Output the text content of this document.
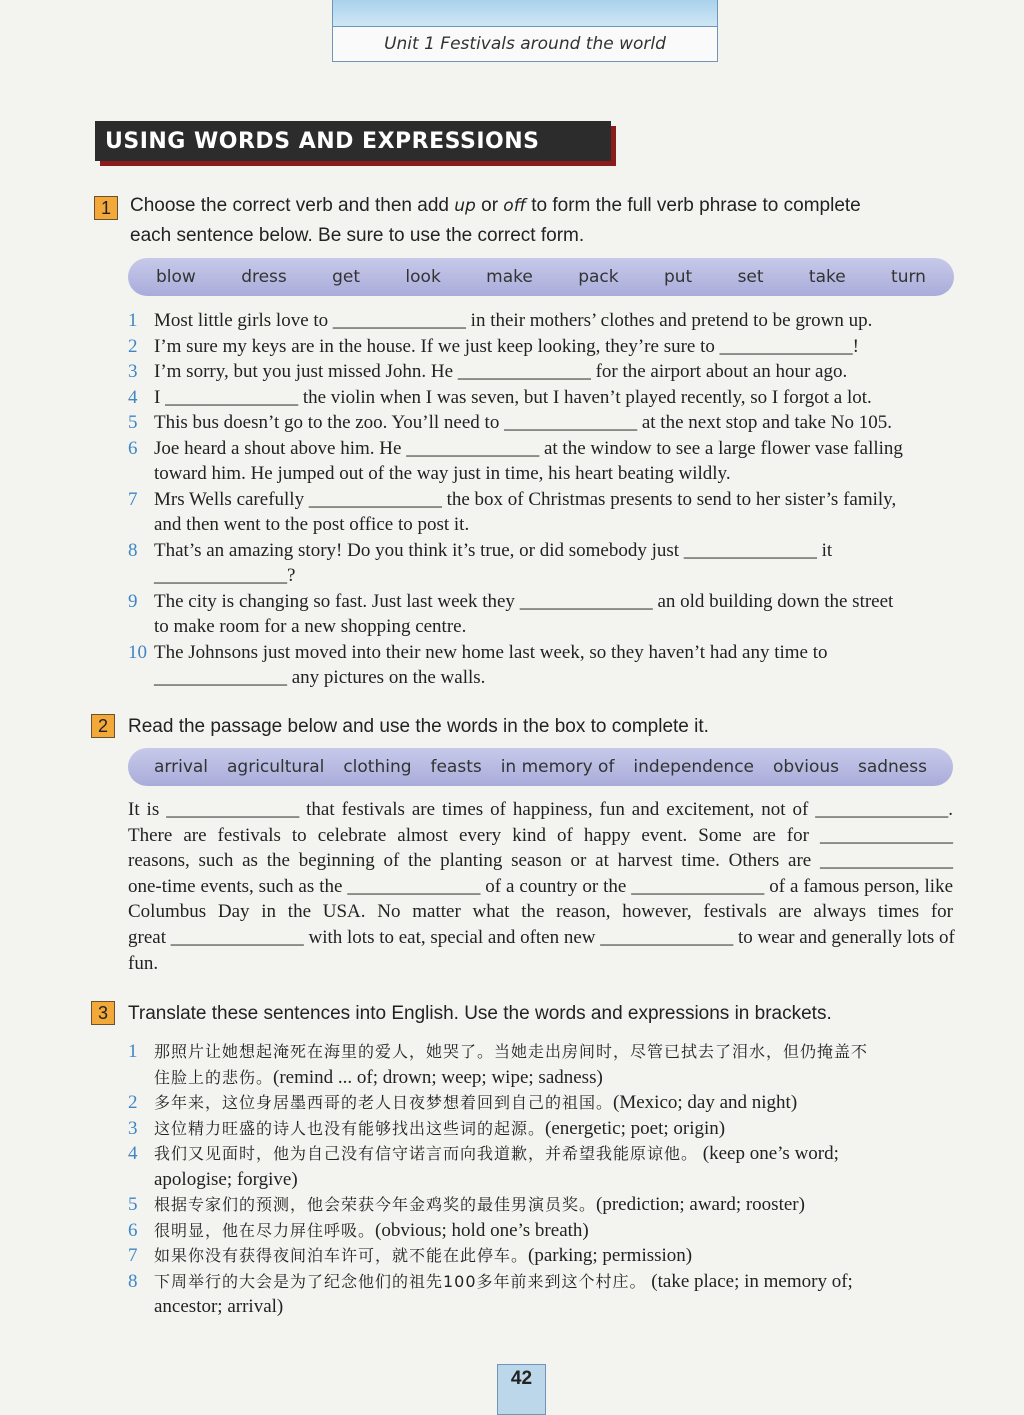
Unit 1 Festivals around the world
USING WORDS AND EXPRESSIONS
1	Choose the correct verb and then add up or off to form the full verb phrase to complete
each sentence below. Be sure to use the correct form.
blow	dress	get	look	make	pack	put	set	take	turn
1 Most little girls love to ______________ in their mothers’ clothes and pretend to be grown up.
2 I’m sure my keys are in the house. If we just keep looking, they’re sure to ______________!
3 I’m sorry, but you just missed John. He ______________ for the airport about an hour ago.
4 I ______________ the violin when I was seven, but I haven’t played recently, so I forgot a lot.
5 This bus doesn’t go to the zoo. You’ll need to ______________ at the next stop and take No 105.
6 Joe heard a shout above him. He ______________ at the window to see a large flower vase falling
toward him. He jumped out of the way just in time, his heart beating wildly.
7 Mrs Wells carefully ______________ the box of Christmas presents to send to her sister’s family,
and then went to the post office to post it.
8 That’s an amazing story! Do you think it’s true, or did somebody just ______________ it
______________?
9 The city is changing so fast. Just last week they ______________ an old building down the street
to make room for a new shopping centre.
10 The Johnsons just moved into their new home last week, so they haven’t had any time to
______________ any pictures on the walls.
2	Read the passage below and use the words in the box to complete it.
arrival agricultural clothing feasts in memory of independence obvious sadness
It is ______________ that festivals are times of happiness, fun and excitement, not of ______________.
There are festivals to celebrate almost every kind of happy event. Some are for ______________
reasons, such as the beginning of the planting season or at harvest time. Others are ______________
one-time events, such as the ______________ of a country or the ______________ of a famous person, like
Columbus Day in the USA. No matter what the reason, however, festivals are always times for
great ______________ with lots to eat, special and often new ______________ to wear and generally lots of
fun.
3	Translate these sentences into English. Use the words and expressions in brackets.
1 那照片让她想起淹死在海里的爱人，她哭了。当她走出房间时，尽管已拭去了泪水，但仍掩盖不
住脸上的悲伤。(remind ... of; drown; weep; wipe; sadness)
2 多年来，这位身居墨西哥的老人日夜梦想着回到自己的祖国。(Mexico; day and night)
3 这位精力旺盛的诗人也没有能够找出这些词的起源。(energetic; poet; origin)
4 我们又见面时，他为自己没有信守诺言而向我道歉，并希望我能原谅他。 (keep one’s word;
apologise; forgive)
5 根据专家们的预测，他会荣获今年金鸡奖的最佳男演员奖。(prediction; award; rooster)
6 很明显，他在尽力屏住呼吸。(obvious; hold one’s breath)
7 如果你没有获得夜间泊车许可，就不能在此停车。(parking; permission)
8 下周举行的大会是为了纪念他们的祖先100多年前来到这个村庄。 (take place; in memory of;
ancestor; arrival)
42
